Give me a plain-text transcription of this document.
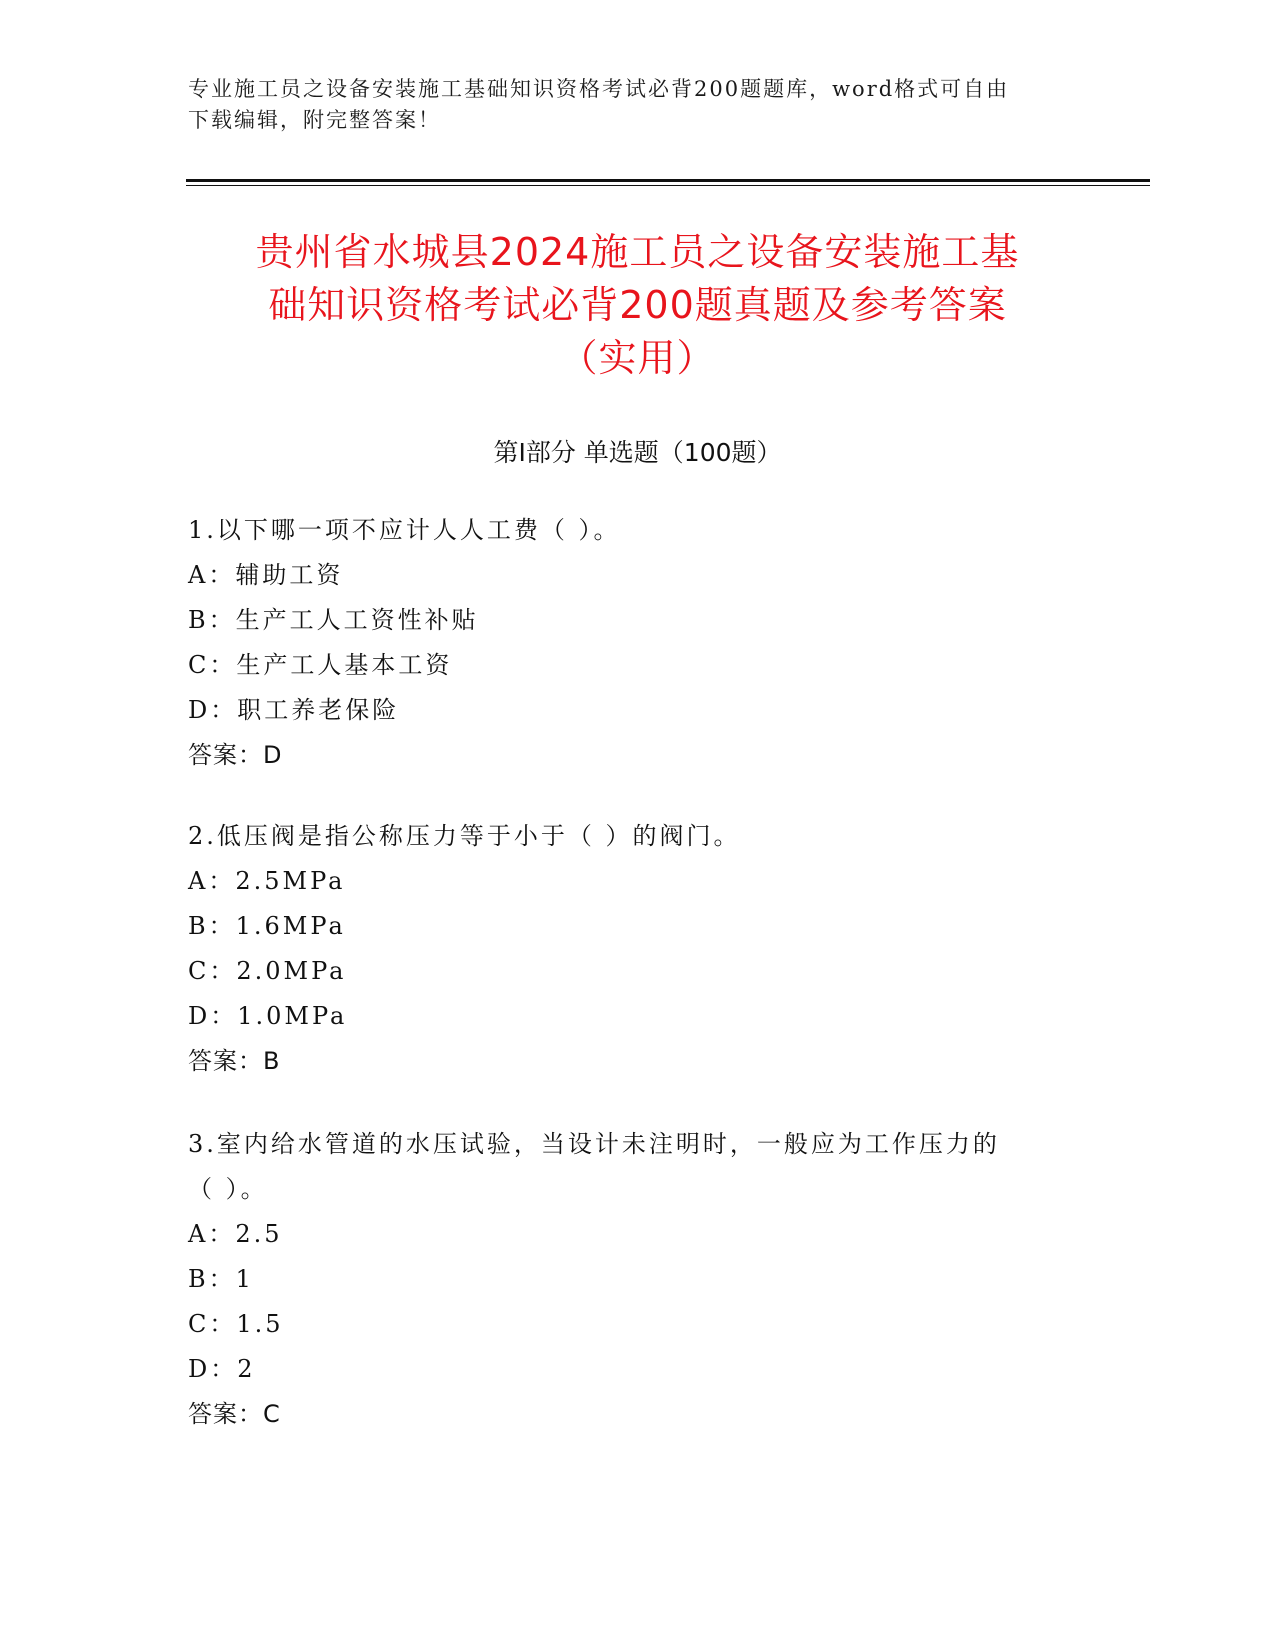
专业施工员之设备安装施工基础知识资格考试必背200题题库，word格式可自由
下载编辑，附完整答案！
贵州省水城县2024施工员之设备安装施工基
础知识资格考试必背200题真题及参考答案
（实用）
第Ⅰ部分 单选题（100题）
1.以下哪一项不应计人人工费（ ）。
A：辅助工资
B：生产工人工资性补贴
C：生产工人基本工资
D：职工养老保险
答案：D
2.低压阀是指公称压力等于小于（ ）的阀门。
A：2.5MPa
B：1.6MPa
C：2.0MPa
D：1.0MPa
答案：B
3.室内给水管道的水压试验，当设计未注明时，一般应为工作压力的
（ ）。
A：2.5
B：1
C：1.5
D：2
答案：C
